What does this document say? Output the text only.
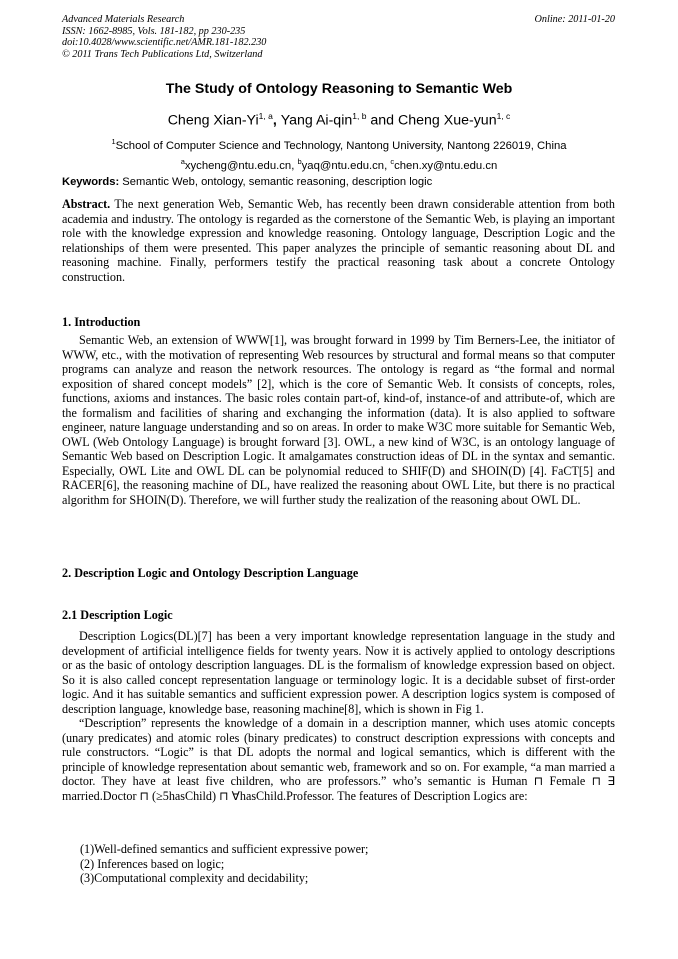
Advanced Materials Research
ISSN: 1662-8985, Vols. 181-182, pp 230-235
doi:10.4028/www.scientific.net/AMR.181-182.230
© 2011 Trans Tech Publications Ltd, Switzerland
Online: 2011-01-20
The Study of Ontology Reasoning to Semantic Web
Cheng Xian-Yi$^{1, a}$, Yang Ai-qin$^{1, b}$ and Cheng Xue-yun$^{1, c}$
$^1$School of Computer Science and Technology, Nantong University, Nantong 226019, China
$^a$xycheng@ntu.edu.cn, $^b$yaq@ntu.edu.cn, $^c$chen.xy@ntu.edu.cn
Keywords: Semantic Web, ontology, semantic reasoning, description logic

Abstract. The next generation Web, Semantic Web, has recently been drawn considerable attention from both academia and industry. The ontology is regarded as the cornerstone of the Semantic Web, is playing an important role with the knowledge expression and knowledge reasoning. Ontology language, Description Logic and the relationships of them were presented. This paper analyzes the principle of semantic reasoning about DL and reasoning machine. Finally, performers testify the practical reasoning task about a concrete Ontology construction.

1. Introduction

Semantic Web, an extension of WWW[1], was brought forward in 1999 by Tim Berners-Lee, the initiator of WWW, etc., with the motivation of representing Web resources by structural and formal means so that computer programs can analyze and reason the network resources. The ontology is regard as “the formal and normal exposition of shared concept models” [2], which is the core of Semantic Web. It consists of concepts, roles, functions, axioms and instances. The basic roles contain part-of, kind-of, instance-of and attribute-of, which are the formalism and facilities of sharing and exchanging the information (data). It is also applied to software engineer, nature language understanding and so on areas. In order to make W3C more suitable for Semantic Web, OWL (Web Ontology Language) is brought forward [3]. OWL, a new kind of W3C, is an ontology language of Semantic Web based on Description Logic. It amalgamates construction ideas of DL in the syntax and semantic. Especially, OWL Lite and OWL DL can be polynomial reduced to SHIF(D) and SHOIN(D) [4]. FaCT[5] and RACER[6], the reasoning machine of DL, have realized the reasoning about OWL Lite, but there is no practical algorithm for SHOIN(D). Therefore, we will further study the realization of the reasoning about OWL DL.

2. Description Logic and Ontology Description Language
2.1 Description Logic

Description Logics(DL)[7] has been a very important knowledge representation language in the study and development of artificial intelligence fields for twenty years. Now it is actively applied to ontology descriptions or as the basic of ontology description languages. DL is the formalism of knowledge expression based on object. So it is also called concept representation language or terminology logic. It is a decidable subset of first-order logic. And it has suitable semantics and sufficient expression power. A description logics system is composed of description language, knowledge base, reasoning machine[8], which is shown in Fig 1.

“Description” represents the knowledge of a domain in a description manner, which uses atomic concepts (unary predicates) and atomic roles (binary predicates) to construct description expressions with concepts and rule constructors. “Logic” is that DL adopts the normal and logical semantics, which is different with the principle of knowledge representation about semantic web, framework and so on. For example, “a man married a doctor. They have at least five children, who are professors.” who’s semantic is Human ⊓ Female ⊓ ∃ married.Doctor ⊓ (≥5hasChild) ⊓ ∀hasChild.Professor. The features of Description Logics are:

(1)Well-defined semantics and sufficient expressive power;
(2) Inferences based on logic;
(3)Computational complexity and decidability;
